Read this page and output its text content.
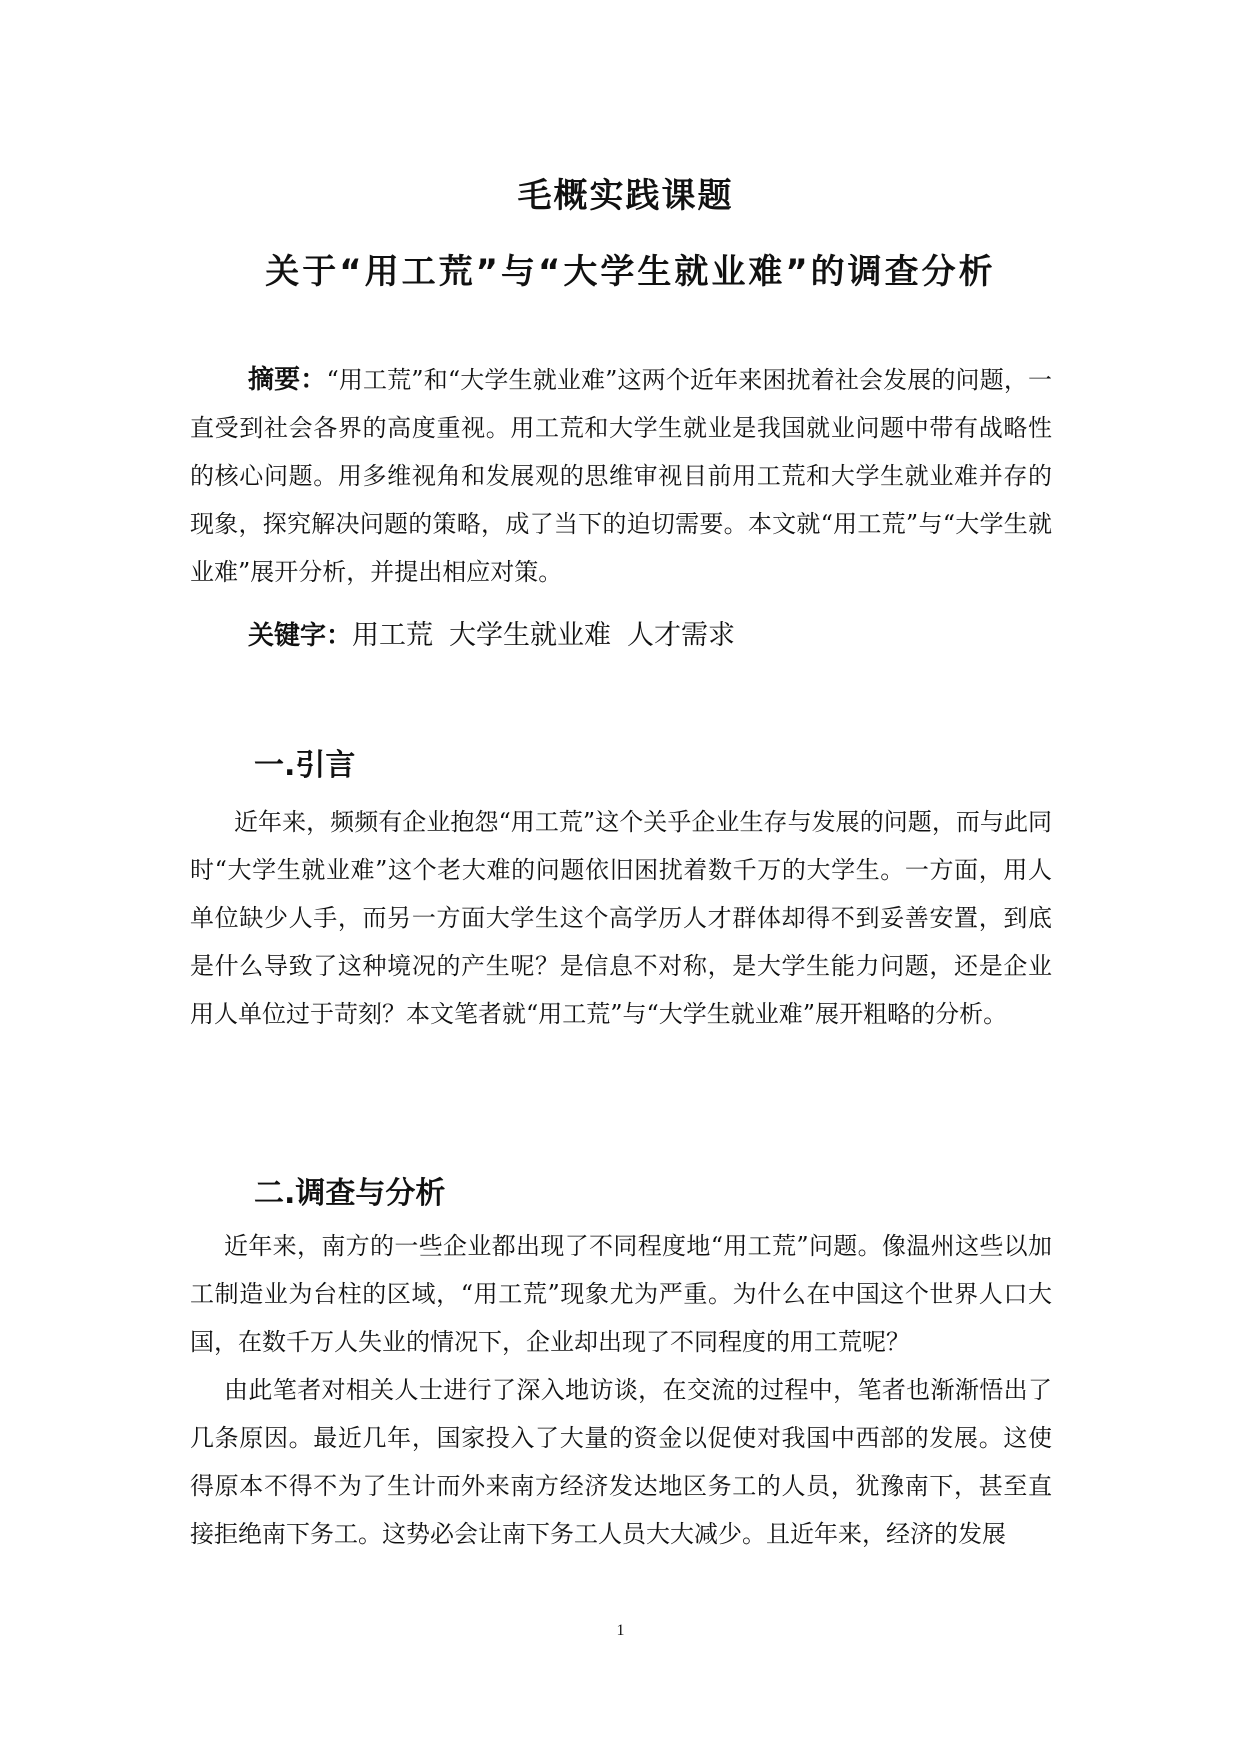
毛概实践课题

关于“用工荒”与“大学生就业难”的调查分析

摘要：“用工荒”和“大学生就业难”这两个近年来困扰着社会发展的问题，一直受到社会各界的高度重视。用工荒和大学生就业是我国就业问题中带有战略性的核心问题。用多维视角和发展观的思维审视目前用工荒和大学生就业难并存的现象，探究解决问题的策略，成了当下的迫切需要。本文就“用工荒”与“大学生就业难”展开分析，并提出相应对策。

关键字：用工荒 大学生就业难 人才需求

一.引言

近年来，频频有企业抱怨“用工荒”这个关乎企业生存与发展的问题，而与此同时“大学生就业难”这个老大难的问题依旧困扰着数千万的大学生。一方面，用人单位缺少人手，而另一方面大学生这个高学历人才群体却得不到妥善安置，到底是什么导致了这种境况的产生呢？是信息不对称，是大学生能力问题，还是企业用人单位过于苛刻？本文笔者就“用工荒”与“大学生就业难”展开粗略的分析。

二.调查与分析

近年来，南方的一些企业都出现了不同程度地“用工荒”问题。像温州这些以加工制造业为台柱的区域，“用工荒”现象尤为严重。为什么在中国这个世界人口大国，在数千万人失业的情况下，企业却出现了不同程度的用工荒呢？

由此笔者对相关人士进行了深入地访谈，在交流的过程中，笔者也渐渐悟出了几条原因。最近几年，国家投入了大量的资金以促使对我国中西部的发展。这使得原本不得不为了生计而外来南方经济发达地区务工的人员，犹豫南下，甚至直接拒绝南下务工。这势必会让南下务工人员大大减少。且近年来，经济的发展

1
